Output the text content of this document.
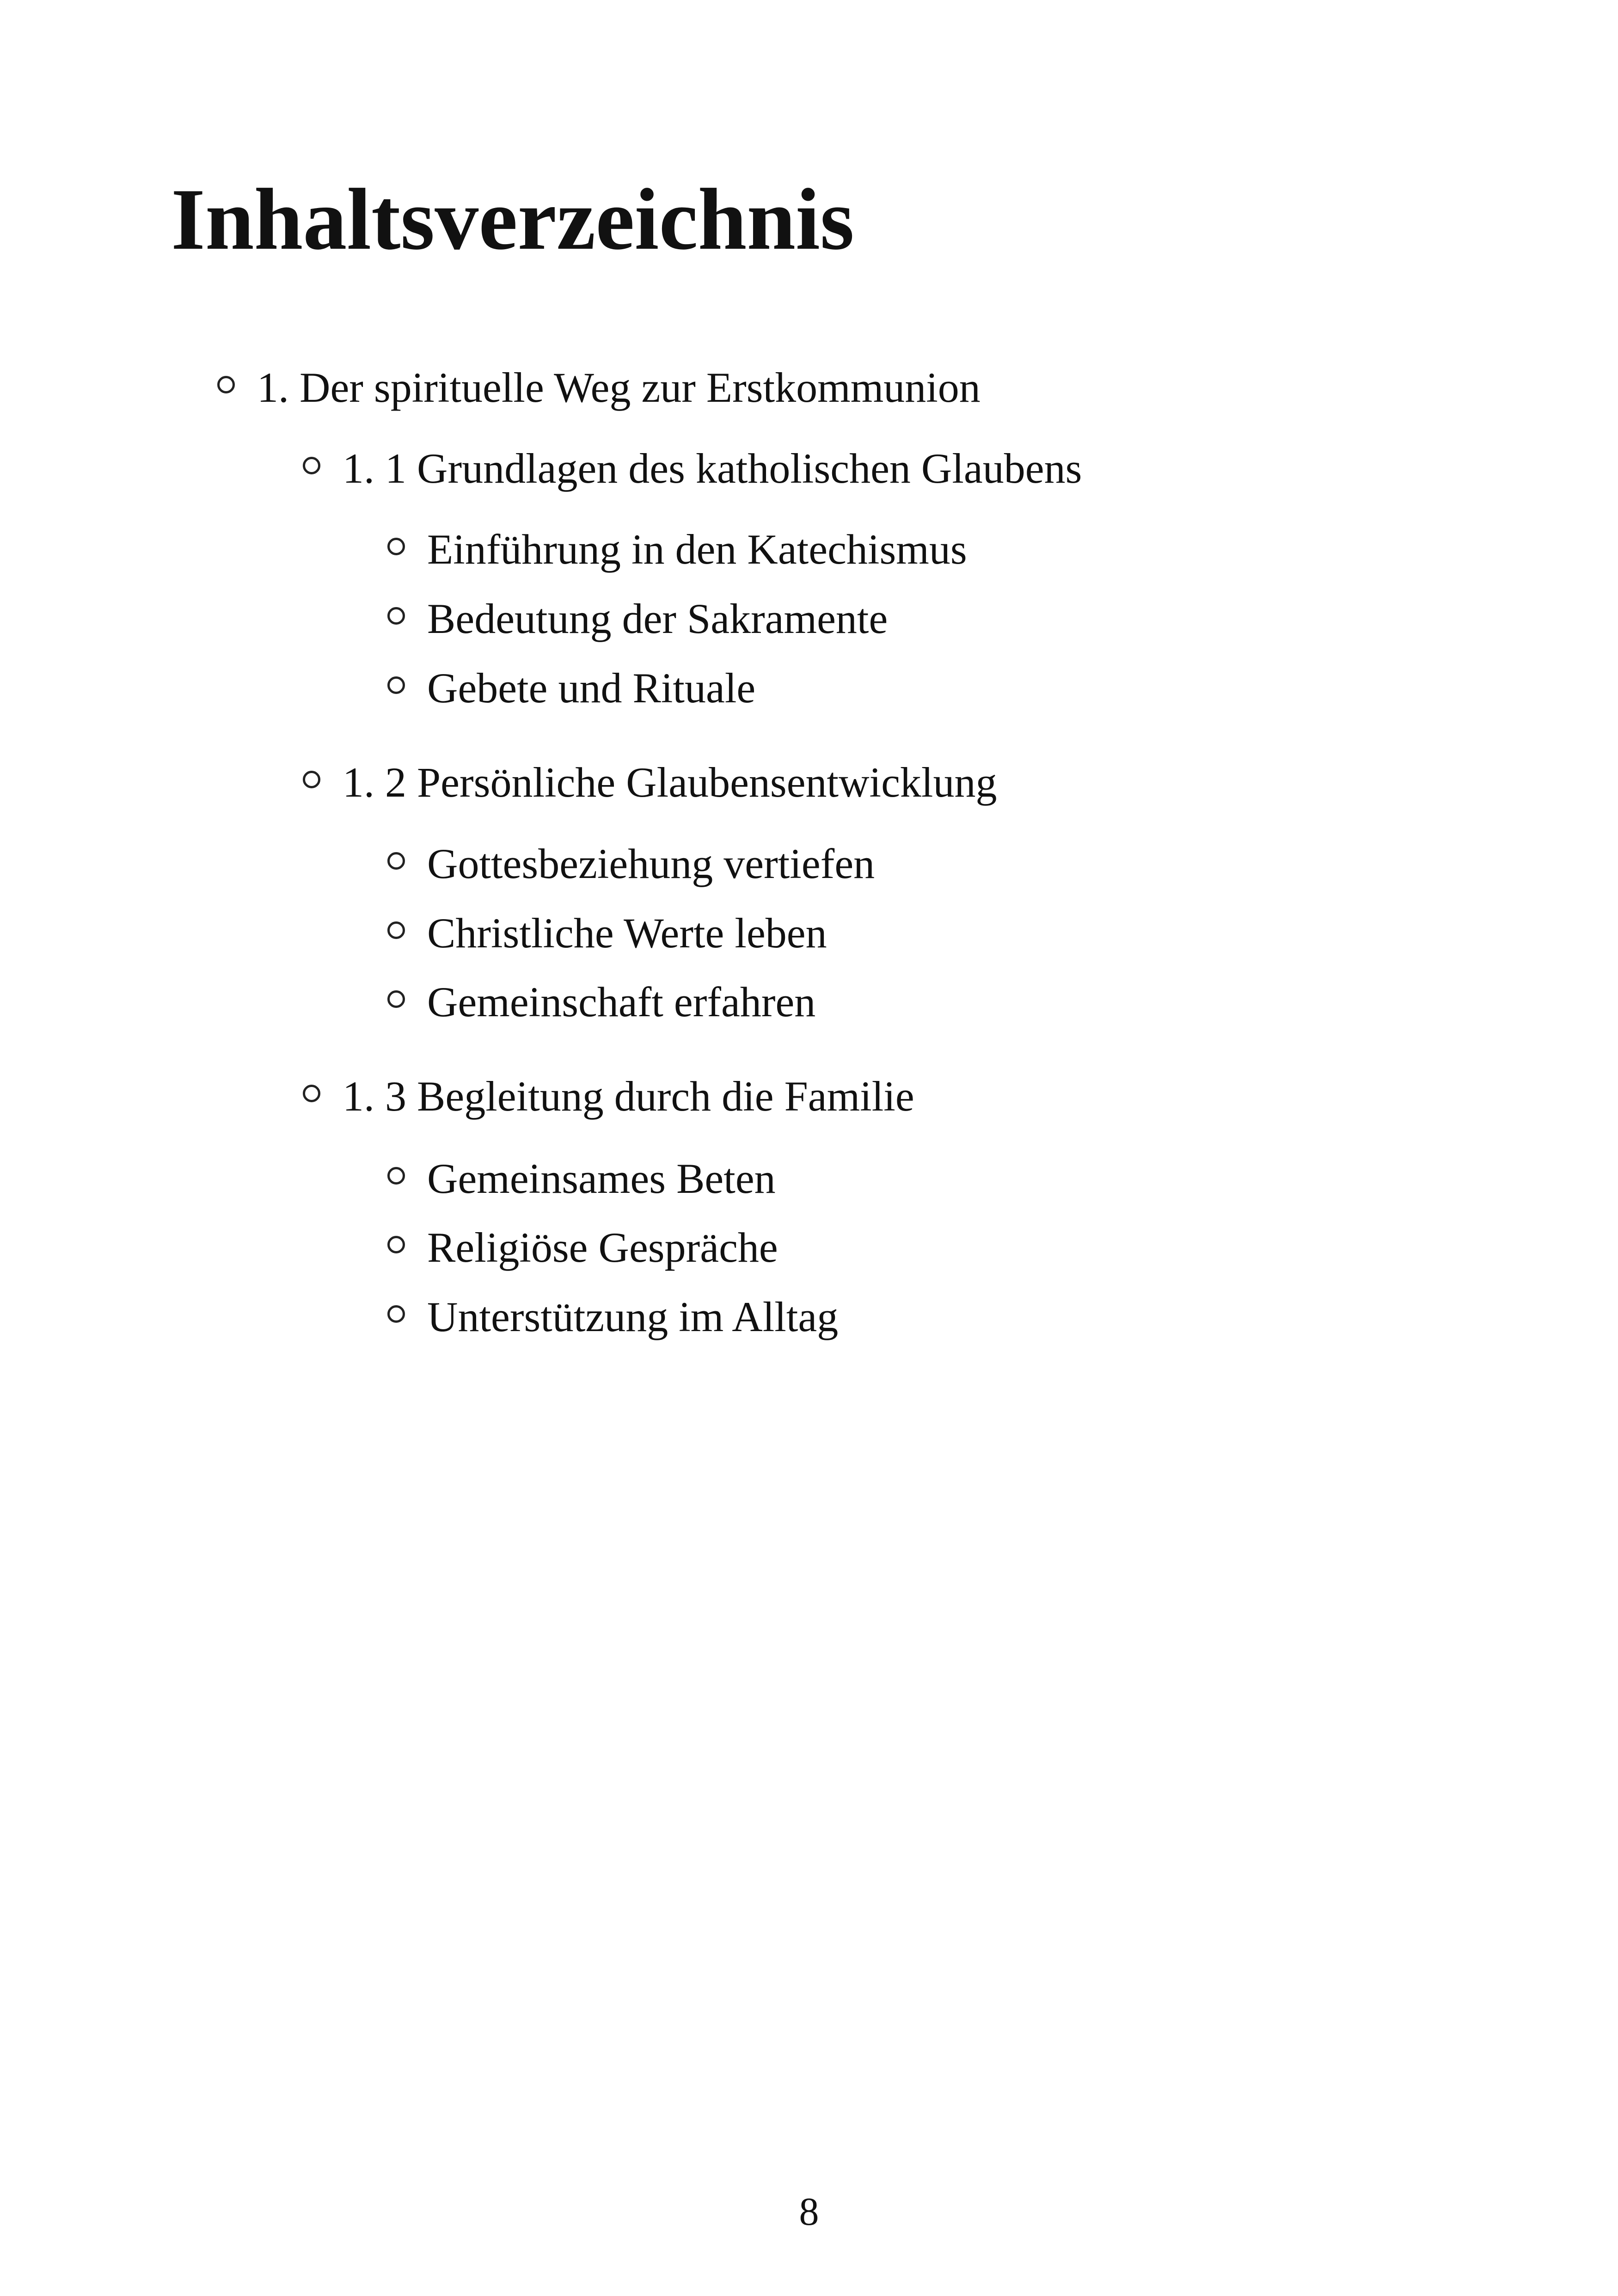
Inhaltsverzeichnis
1. Der spirituelle Weg zur Erstkommunion
1. 1 Grundlagen des katholischen Glaubens
Einführung in den Katechismus
Bedeutung der Sakramente
Gebete und Rituale
1. 2 Persönliche Glaubensentwicklung
Gottesbeziehung vertiefen
Christliche Werte leben
Gemeinschaft erfahren
1. 3 Begleitung durch die Familie
Gemeinsames Beten
Religiöse Gespräche
Unterstützung im Alltag
8
